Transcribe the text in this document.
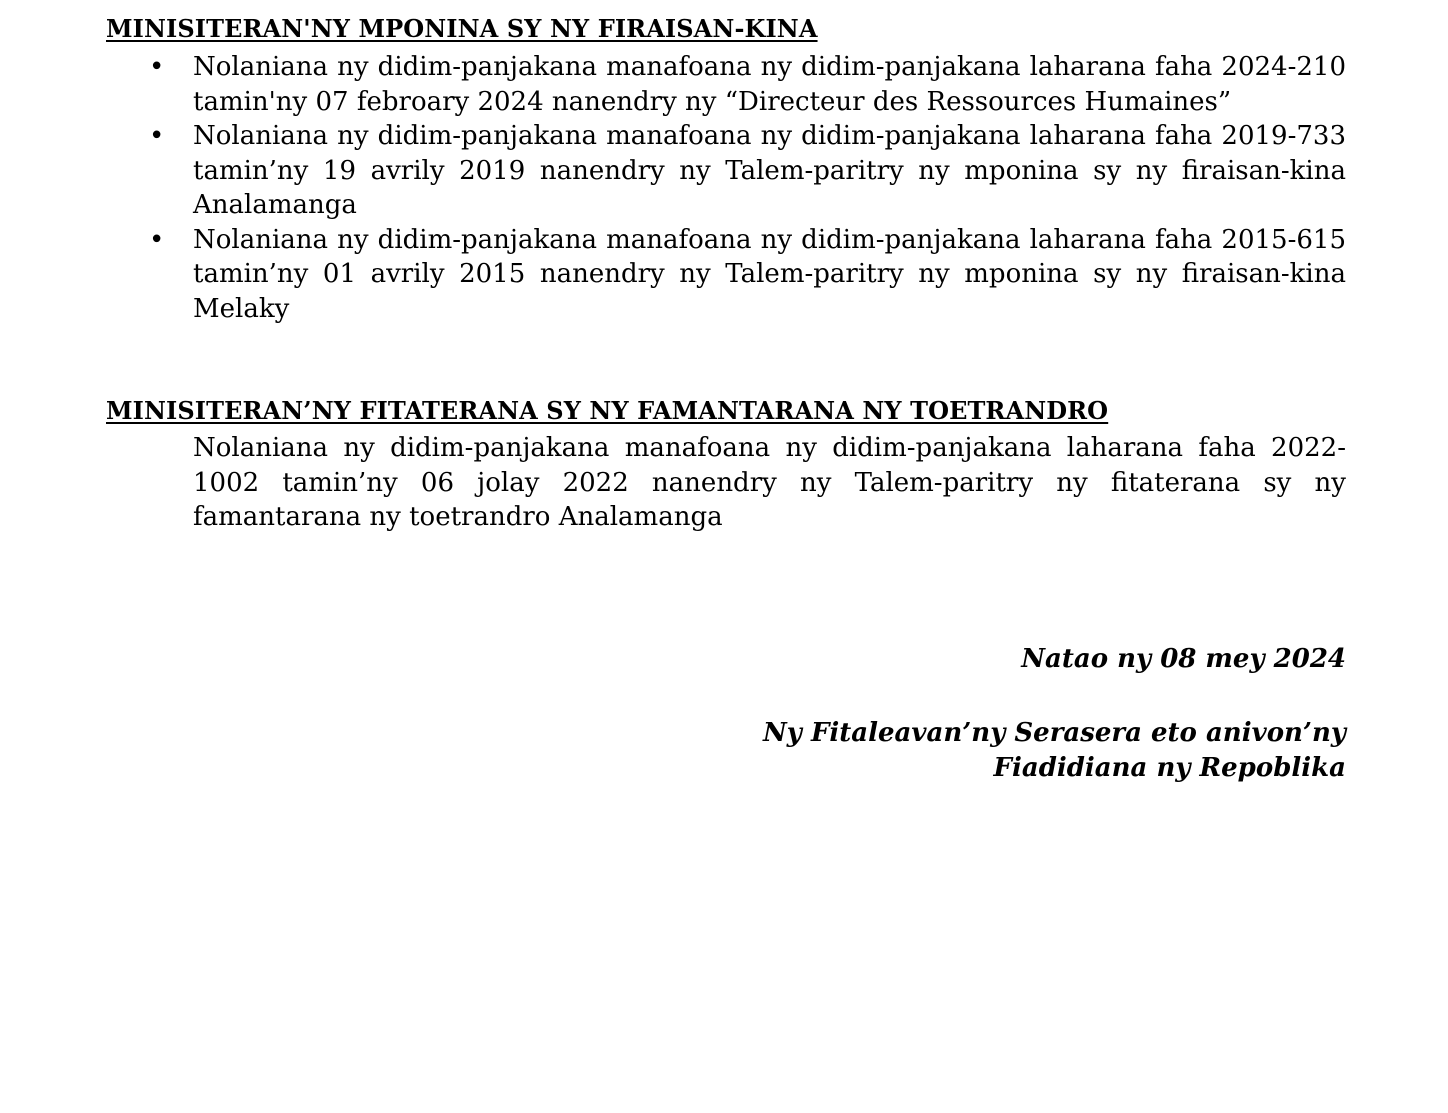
MINISITERAN'NY MPONINA SY NY FIRAISAN-KINA
• Nolaniana ny didim-panjakana manafoana ny didim-panjakana laharana faha 2024-210 tamin'ny 07 febroary 2024 nanendry ny “Directeur des Ressources Humaines”
• Nolaniana ny didim-panjakana manafoana ny didim-panjakana laharana faha 2019-733 tamin’ny 19 avrily 2019 nanendry ny Talem-paritry ny mponina sy ny firaisan-kina Analamanga
• Nolaniana ny didim-panjakana manafoana ny didim-panjakana laharana faha 2015-615 tamin’ny 01 avrily 2015 nanendry ny Talem-paritry ny mponina sy ny firaisan-kina Melaky
MINISITERAN’NY FITATERANA SY NY FAMANTARANA NY TOETRANDRO
Nolaniana ny didim-panjakana manafoana ny didim-panjakana laharana faha 2022-1002 tamin’ny 06 jolay 2022 nanendry ny Talem-paritry ny fitaterana sy ny famantarana ny toetrandro Analamanga
Natao ny 08 mey 2024
Ny Fitaleavan’ny Serasera eto anivon’ny
Fiadidiana ny Repoblika
